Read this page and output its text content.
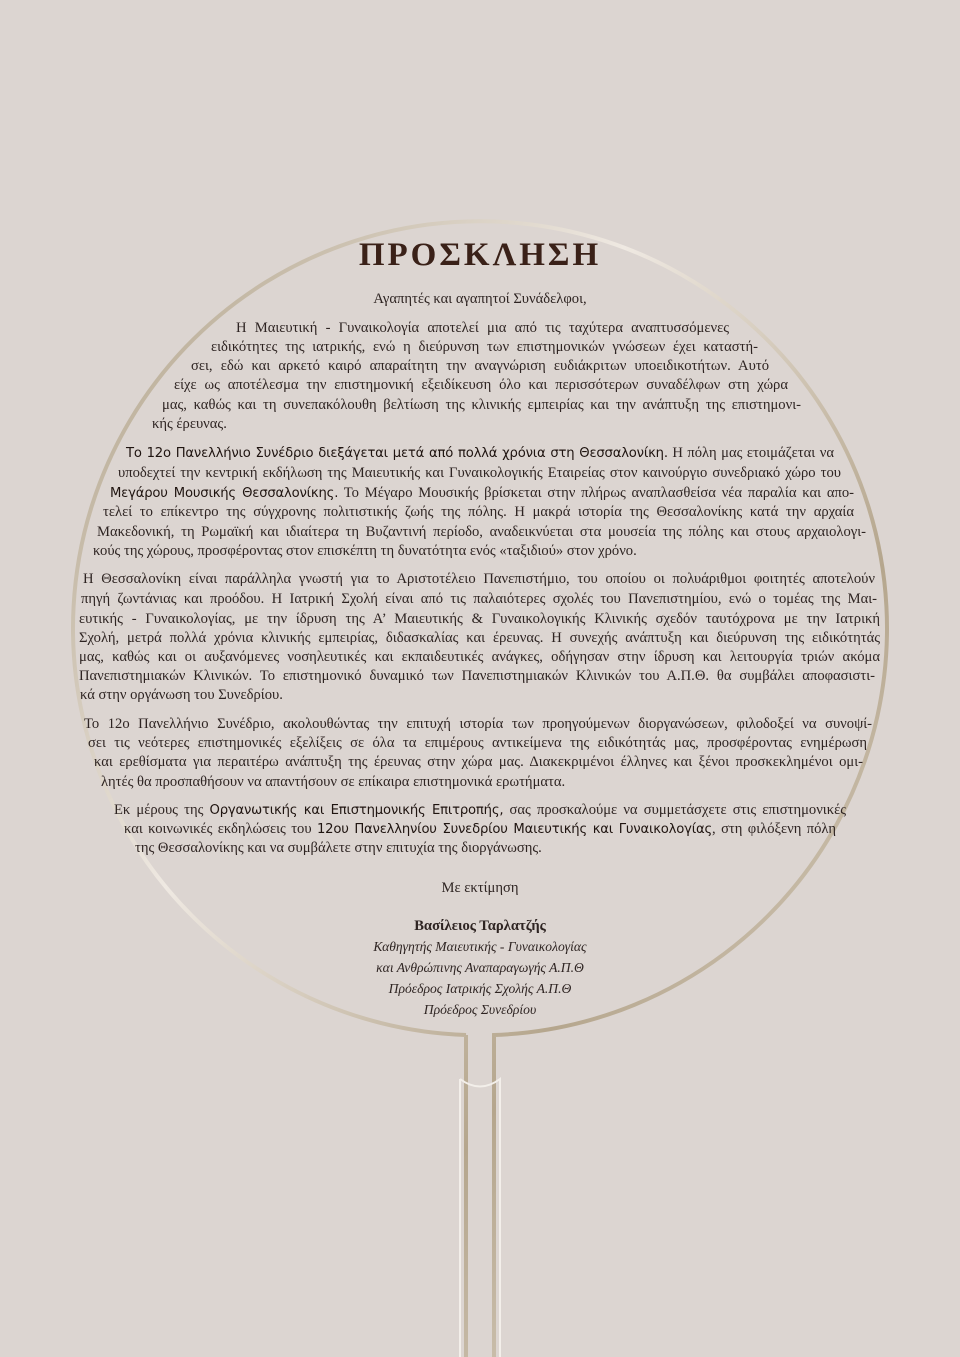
ΠΡΟΣΚΛΗΣΗ
Αγαπητές και αγαπητοί Συνάδελφοι,
Η Μαιευτική - Γυναικολογία αποτελεί μια από τις ταχύτερα αναπτυσσόμενες
ειδικότητες της ιατρικής, ενώ η διεύρυνση των επιστημονικών γνώσεων έχει καταστή-
σει, εδώ και αρκετό καιρό απαραίτητη την αναγνώριση ευδιάκριτων υποειδικοτήτων. Αυτό
είχε ως αποτέλεσμα την επιστημονική εξειδίκευση όλο και περισσότερων συναδέλφων στη χώρα
μας, καθώς και τη συνεπακόλουθη βελτίωση της κλινικής εμπειρίας και την ανάπτυξη της επιστημονι-
κής έρευνας.
Το 12ο Πανελλήνιο Συνέδριο διεξάγεται μετά από πολλά χρόνια στη Θεσσαλονίκη. Η πόλη μας ετοιμάζεται να
υποδεχτεί την κεντρική εκδήλωση της Μαιευτικής και Γυναικολογικής Εταιρείας στον καινούργιο συνεδριακό χώρο του
Μεγάρου Μουσικής Θεσσαλονίκης. Το Μέγαρο Μουσικής βρίσκεται στην πλήρως αναπλασθείσα νέα παραλία και απο-
τελεί το επίκεντρο της σύγχρονης πολιτιστικής ζωής της πόλης. Η μακρά ιστορία της Θεσσαλονίκης κατά την αρχαία
Μακεδονική, τη Ρωμαϊκή και ιδιαίτερα τη Βυζαντινή περίοδο, αναδεικνύεται στα μουσεία της πόλης και στους αρχαιολογι-
κούς της χώρους, προσφέροντας στον επισκέπτη τη δυνατότητα ενός «ταξιδιού» στον χρόνο.
Η Θεσσαλονίκη είναι παράλληλα γνωστή για το Αριστοτέλειο Πανεπιστήμιο, του οποίου οι πολυάριθμοι φοιτητές αποτελούν
πηγή ζωντάνιας και προόδου. Η Ιατρική Σχολή είναι από τις παλαιότερες σχολές του Πανεπιστημίου, ενώ ο τομέας της Μαι-
ευτικής - Γυναικολογίας, με την ίδρυση της Α’ Μαιευτικής & Γυναικολογικής Κλινικής σχεδόν ταυτόχρονα με την Ιατρική
Σχολή, μετρά πολλά χρόνια κλινικής εμπειρίας, διδασκαλίας και έρευνας. Η συνεχής ανάπτυξη και διεύρυνση της ειδικότητάς
μας, καθώς και οι αυξανόμενες νοσηλευτικές και εκπαιδευτικές ανάγκες, οδήγησαν στην ίδρυση και λειτουργία τριών ακόμα
Πανεπιστημιακών Κλινικών. Το επιστημονικό δυναμικό των Πανεπιστημιακών Κλινικών του Α.Π.Θ. θα συμβάλει αποφασιστι-
κά στην οργάνωση του Συνεδρίου.
Το 12ο Πανελλήνιο Συνέδριο, ακολουθώντας την επιτυχή ιστορία των προηγούμενων διοργανώσεων, φιλοδοξεί να συνοψί-
σει τις νεότερες επιστημονικές εξελίξεις σε όλα τα επιμέρους αντικείμενα της ειδικότητάς μας, προσφέροντας ενημέρωση
και ερεθίσματα για περαιτέρω ανάπτυξη της έρευνας στην χώρα μας. Διακεκριμένοι έλληνες και ξένοι προσκεκλημένοι ομι-
λητές θα προσπαθήσουν να απαντήσουν σε επίκαιρα επιστημονικά ερωτήματα.
Εκ μέρους της Οργανωτικής και Επιστημονικής Επιτροπής, σας προσκαλούμε να συμμετάσχετε στις επιστημονικές
και κοινωνικές εκδηλώσεις του 12ου Πανελληνίου Συνεδρίου Μαιευτικής και Γυναικολογίας, στη φιλόξενη πόλη
της Θεσσαλονίκης και να συμβάλετε στην επιτυχία της διοργάνωσης.
Με εκτίμηση
Βασίλειος Ταρλατζής
Καθηγητής Μαιευτικής - Γυναικολογίας
και Ανθρώπινης Αναπαραγωγής Α.Π.Θ
Πρόεδρος Ιατρικής Σχολής Α.Π.Θ
Πρόεδρος Συνεδρίου
